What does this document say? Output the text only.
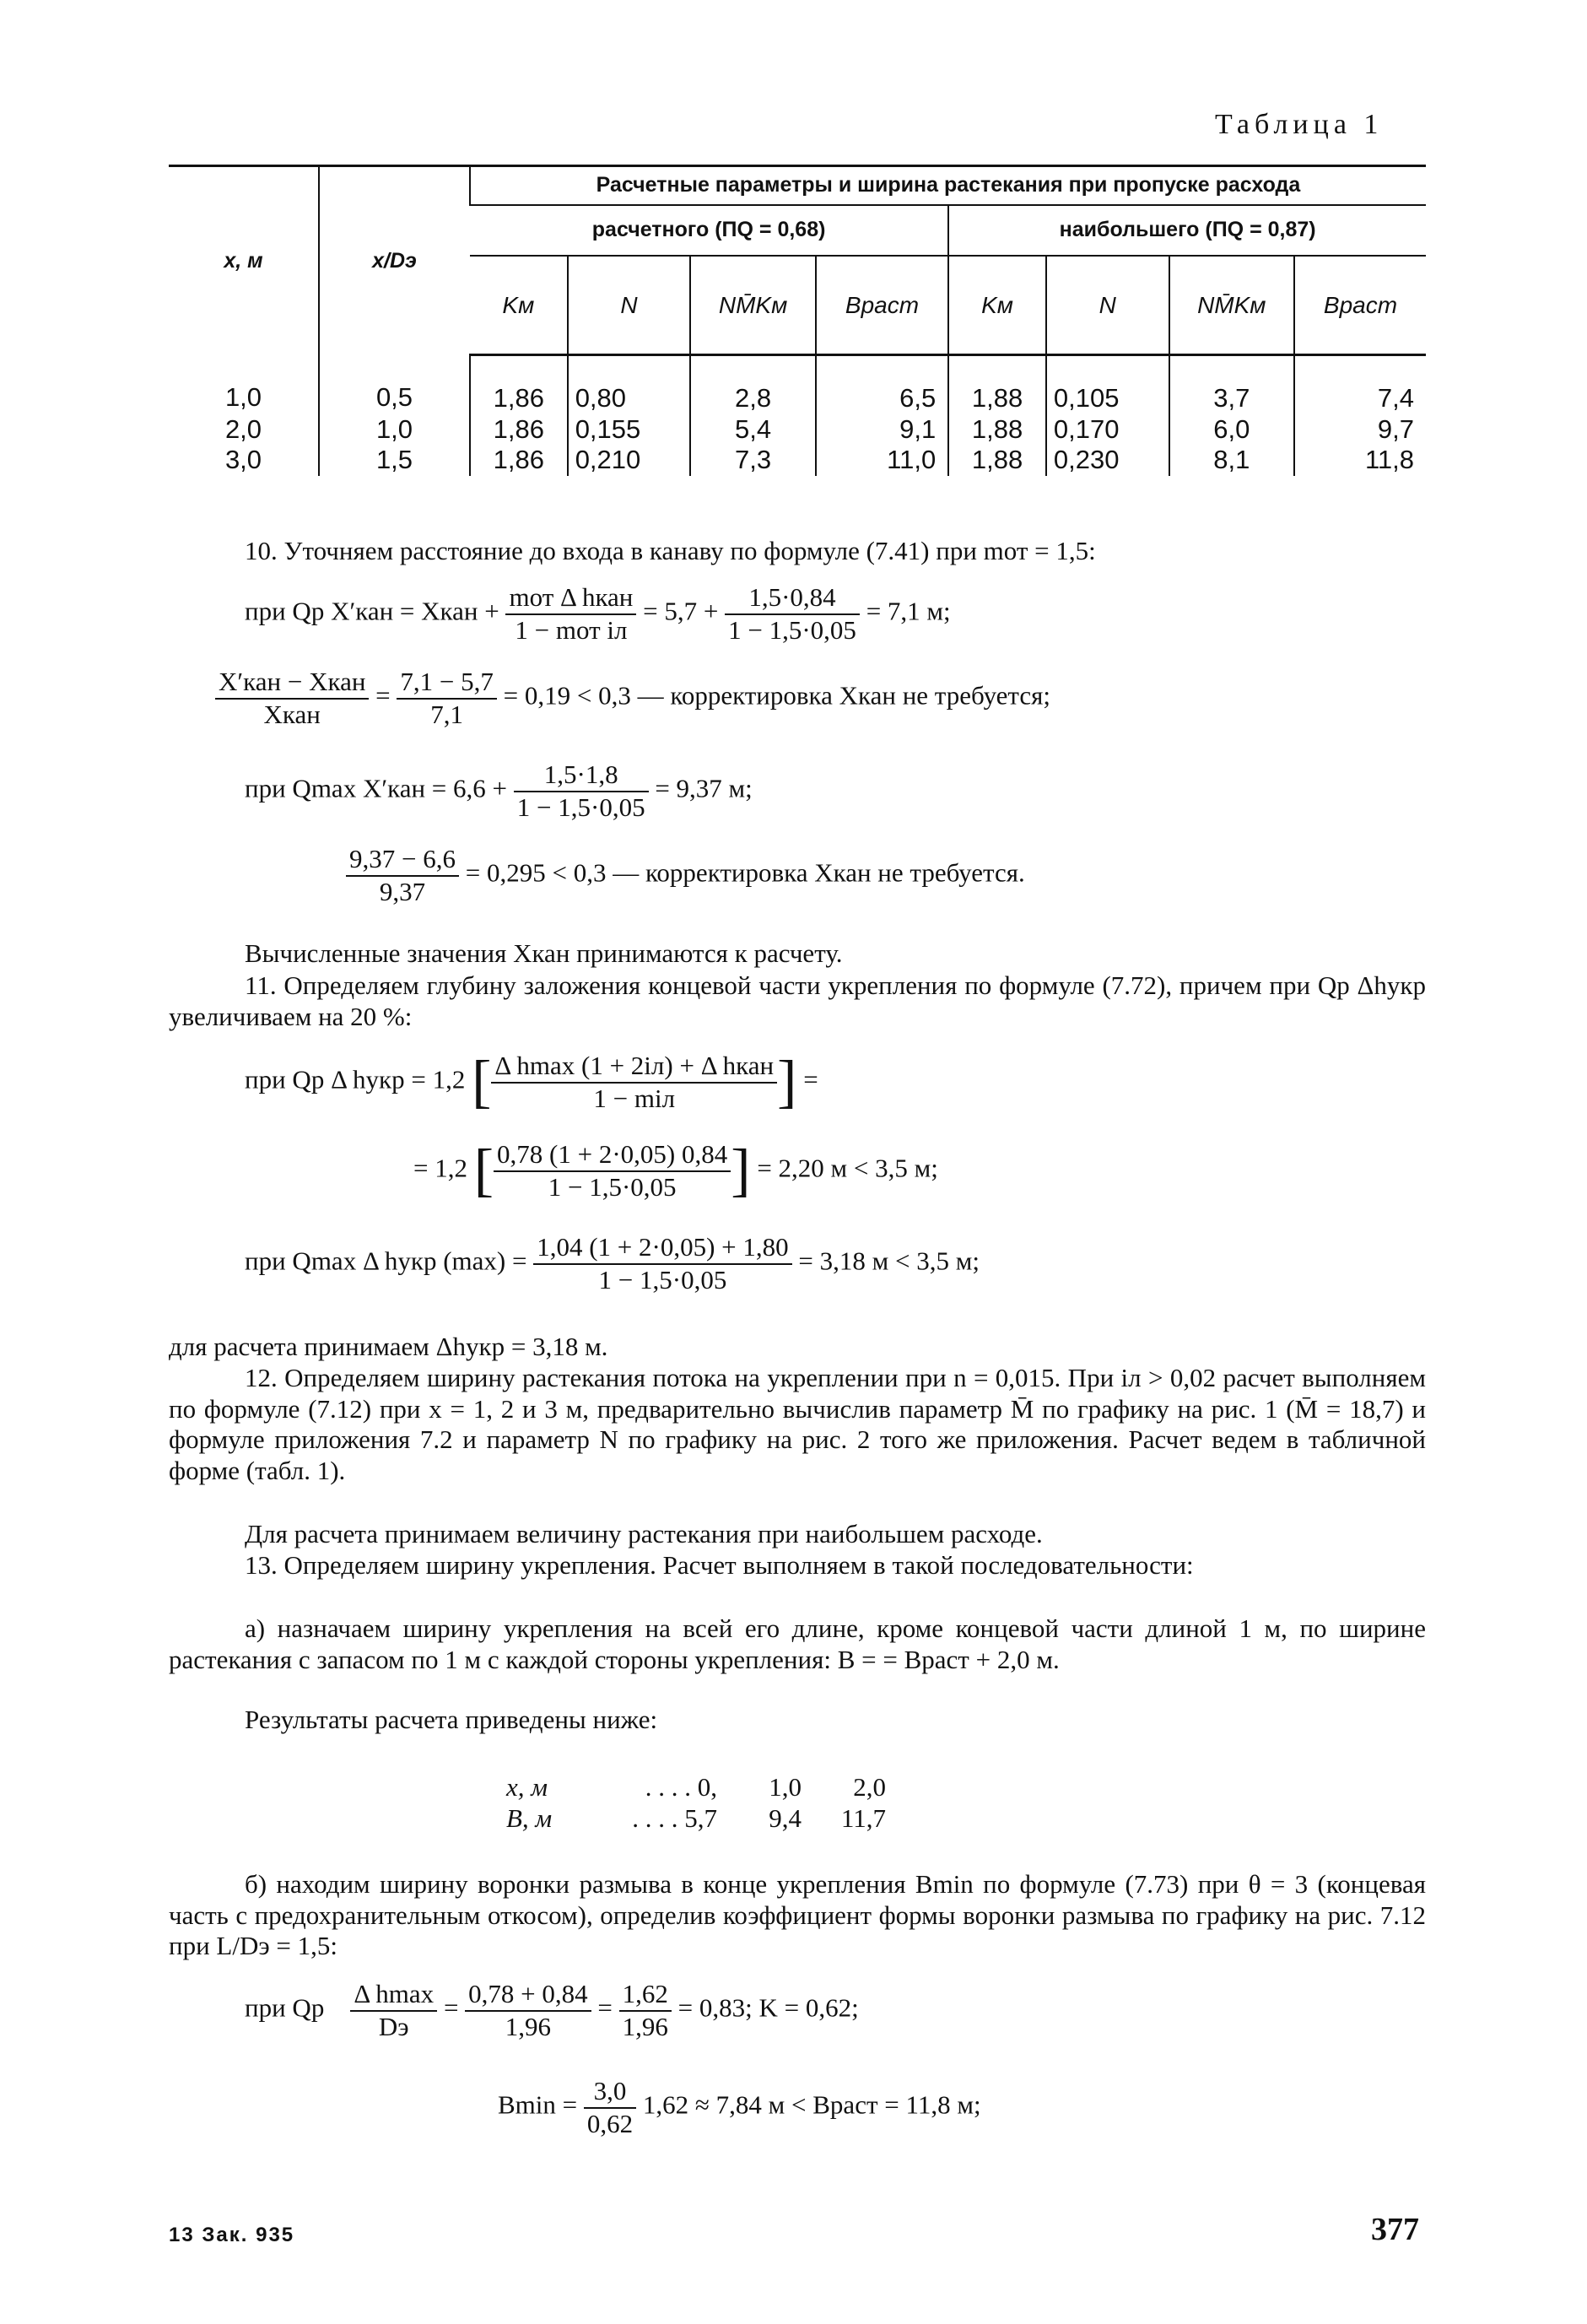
Таблица 1
x, м	x/Dэ	Расчетные параметры и ширина растекания при пропуске расхода							
		расчетного (ПQ = 0,68)				наибольшего (ПQ = 0,87)			
		Kм	N	NM̄Kм	Bраст	Kм	N	NM̄Kм	Bраст
1,0	0,5	1,86	0,80	2,8	6,5	1,88	0,105	3,7	7,4
2,0	1,0	1,86	0,155	5,4	9,1	1,88	0,170	6,0	9,7
3,0	1,5	1,86	0,210	7,3	11,0	1,88	0,230	8,1	11,8
10. Уточняем расстояние до входа в канаву по формуле (7.41) при mот = 1,5:
при Qр X′кан = Xкан + $\frac{\text{mот Δ hкан}}{\text{1 − mот iл}} = 5,7 + \frac{1,5\cdot 0,84}{1 - 1,5\cdot 0,05} = 7,1$ м;
$\frac{\text{X′кан − Xкан}}{\text{Xкан}} = \frac{7,1 - 5,7}{7,1} = 0,19 < 0,3$ — корректировка Xкан не требуется;
при Qmax $X'кан = 6,6 + \frac{1,5\cdot 1,8}{1 - 1,5\cdot 0,05} = 9,37$ м;
$\frac{9,37 - 6,6}{9,37} = 0,295 < 0,3$ — корректировка Xкан не требуется.
Вычисленные значения Xкан принимаются к расчету.
11. Определяем глубину заложения концевой части укрепления по формуле (7.72), причем при Qр Δhукр увеличиваем на 20 %:
при Qр Δ hукр = 1,2 [ $\frac{\text{Δ hmax (1 + 2iл) + Δ hкан}}{\text{1 − miл}}$ ] =
= 1,2 [ $\frac{0,78 (1 + 2\cdot 0,05) 0,84}{1 - 1,5\cdot 0,05}$ ] = 2,20 м < 3,5 м;
при Qmax Δ hукр $(\max) = \frac{1,04 (1 + 2\cdot 0,05) + 1,80}{1 - 1,5\cdot 0,05} = 3,18$ м < 3,5 м;
для расчета принимаем Δhукр = 3,18 м.
12. Определяем ширину растекания потока на укреплении при n = 0,015. При iл > 0,02 расчет выполняем по формуле (7.12) при x = 1, 2 и 3 м, предварительно вычислив параметр M̄ по графику на рис. 1 (M̄ = 18,7) и формуле приложения 7.2 и параметр N по графику на рис. 2 того же приложения. Расчет ведем в табличной форме (табл. 1).
Для расчета принимаем величину растекания при наибольшем расходе.
13. Определяем ширину укрепления. Расчет выполняем в такой последовательности:
а) назначаем ширину укрепления на всей его длине, кроме концевой части длиной 1 м, по ширине растекания с запасом по 1 м с каждой стороны укрепления: B = = Bраст + 2,0 м.
Результаты расчета приведены ниже:
x, м	. . . . 0,	1,0	2,0
B, м	. . . . 5,7	9,4	11,7
б) находим ширину воронки размыва в конце укрепления Bmin по формуле (7.73) при θ = 3 (концевая часть с предохранительным откосом), определив коэффициент формы воронки размыва по графику на рис. 7.12 при L/Dэ = 1,5:
при Qр $\frac{\text{Δ hmax}}{Dэ} = \frac{0,78 + 0,84}{1,96} = \frac{1,62}{1,96} = 0,83$; K = 0,62;
$Bmin = \frac{3,0}{0,62} 1,62 \approx 7,84$ м < Bраст = 11,8 м;
13 Зак. 935	377
